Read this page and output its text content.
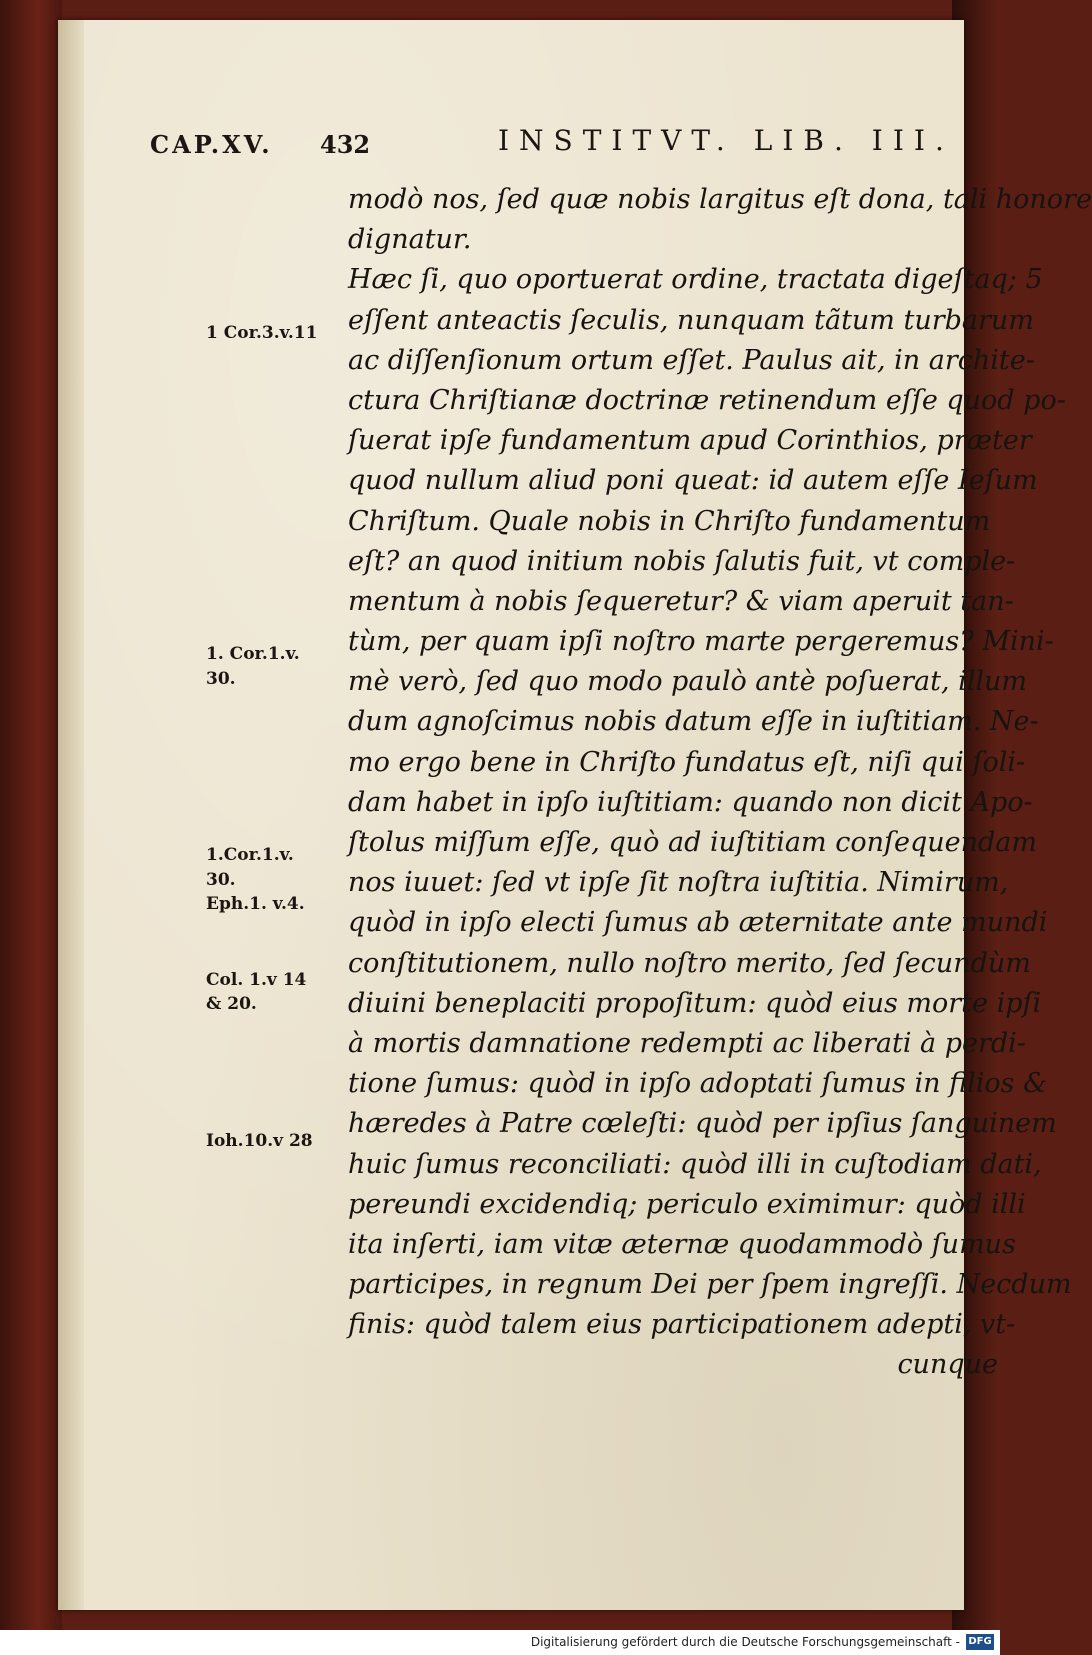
CAP.XV. 432	INSTITVT. LIB. III.
modò nos, ſed quæ nobis largitus eſt dona, tali honore
dignatur.
Hæc ſi, quo oportuerat ordine, tractata digeſtaq; 5
eſſent anteactis ſeculis, nunquam tãtum turbarum
ac diſſenſionum ortum eſſet. Paulus ait, in archite-
ctura Chriſtianæ doctrinæ retinendum eſſe quod po-
ſuerat ipſe fundamentum apud Corinthios, præter
quod nullum aliud poni queat: id autem eſſe Ieſum
Chriſtum. Quale nobis in Chriſto fundamentum
eſt? an quod initium nobis ſalutis fuit, vt comple-
mentum à nobis ſequeretur? & viam aperuit tan-
tùm, per quam ipſi noſtro marte pergeremus? Mini-
mè verò, ſed quo modo paulò antè poſuerat, illum
dum agnoſcimus nobis datum eſſe in iuſtitiam. Ne-
mo ergo bene in Chriſto fundatus eſt, niſi qui ſoli-
dam habet in ipſo iuſtitiam: quando non dicit Apo-
ſtolus miſſum eſſe, quò ad iuſtitiam conſequendam
nos iuuet: ſed vt ipſe ſit noſtra iuſtitia. Nimirum,
quòd in ipſo electi ſumus ab æternitate ante mundi
conſtitutionem, nullo noſtro merito, ſed ſecundùm
diuini beneplaciti propoſitum: quòd eius morte ipſi
à mortis damnatione redempti ac liberati à perdi-
tione ſumus: quòd in ipſo adoptati ſumus in filios &
hæredes à Patre cœleſti: quòd per ipſius ſanguinem
huic ſumus reconciliati: quòd illi in cuſtodiam dati,
pereundi excidendiq; periculo eximimur: quòd illi
ita inſerti, iam vitæ æternæ quodammodò ſumus
participes, in regnum Dei per ſpem ingreſſi. Necdum
finis: quòd talem eius participationem adepti, vt-
cunque
1 Cor.3.v.11
1. Cor.1.v.
30.
1.Cor.1.v.
30.
Eph.1. v.4.
Col. 1.v 14
& 20.
Ioh.10.v 28
Digitalisierung gefördert durch die Deutsche Forschungsgemeinschaft - DFG
